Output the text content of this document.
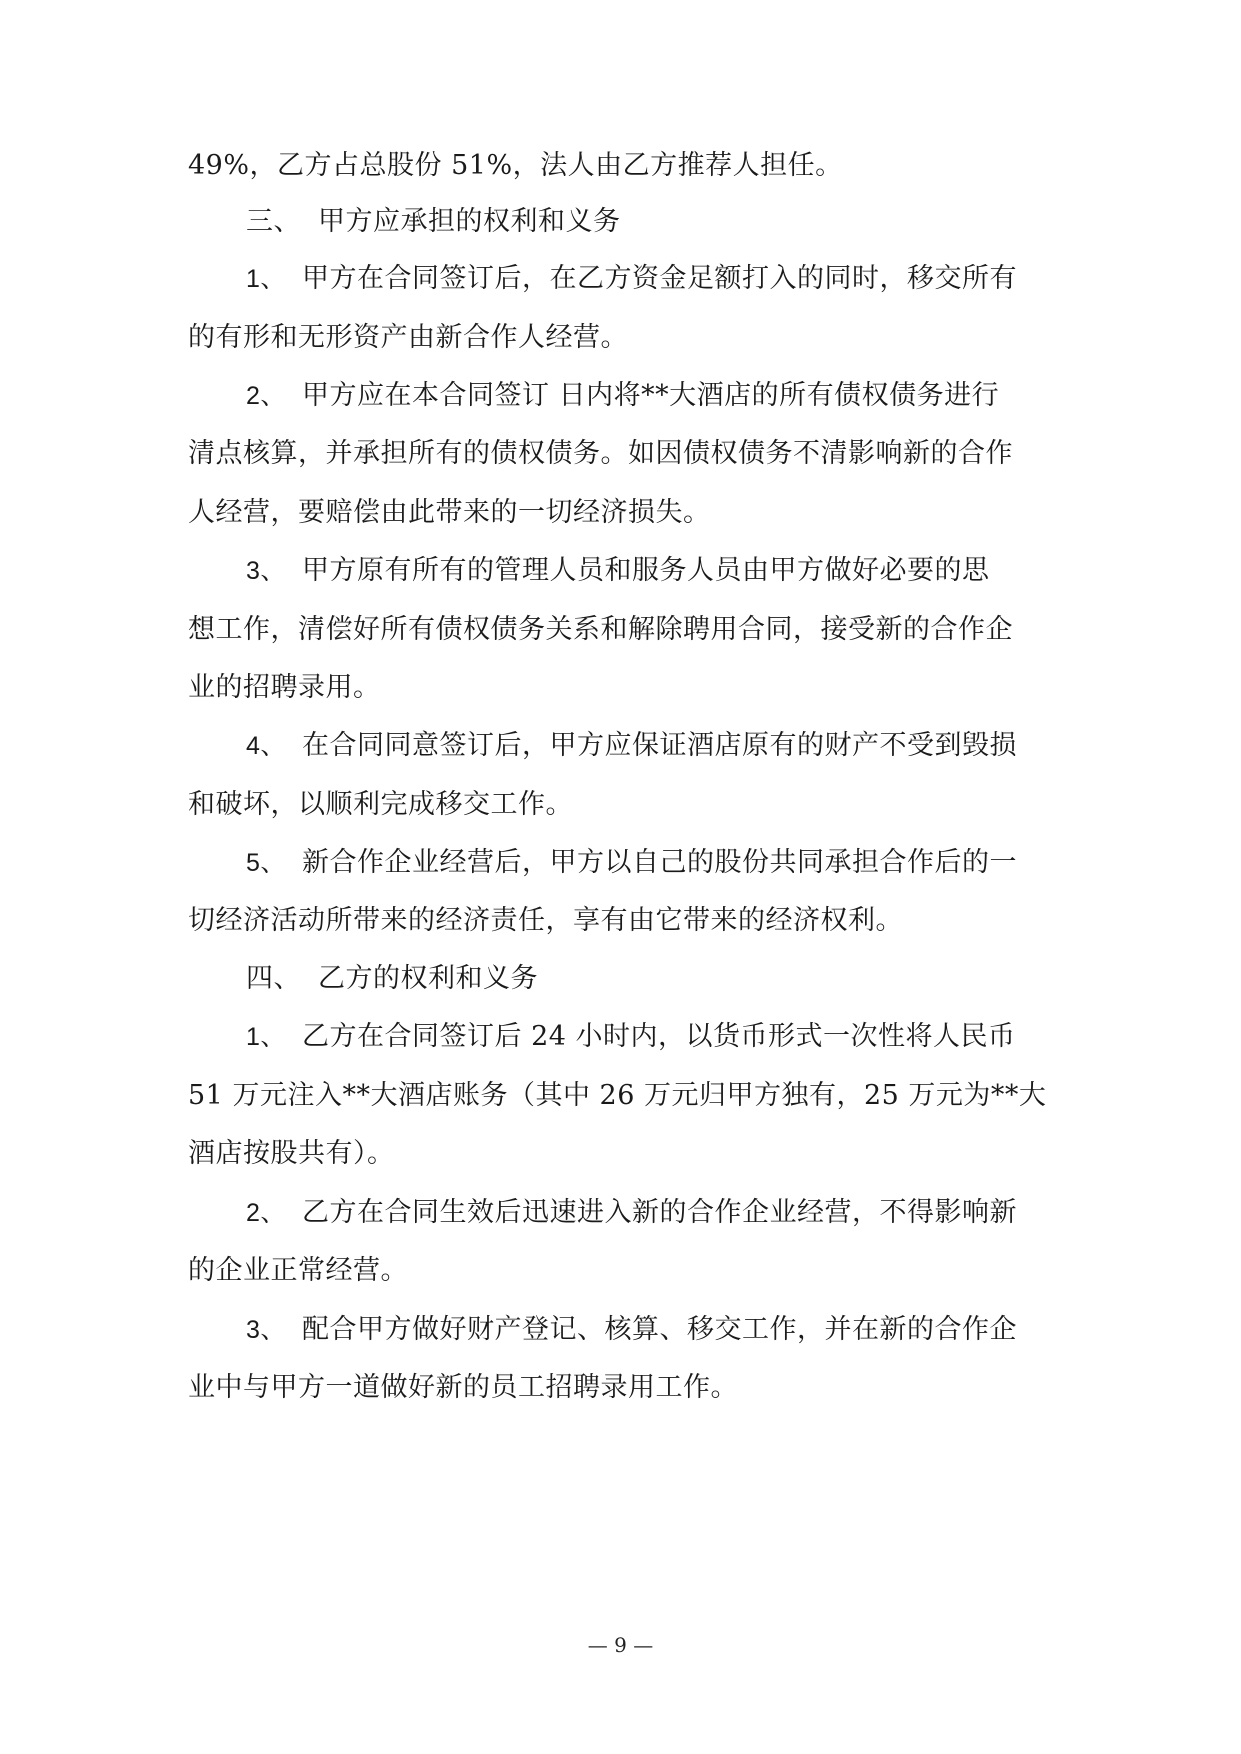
49%，乙方占总股份 51%，法人由乙方推荐人担任。
三、 甲方应承担的权利和义务
1、 甲方在合同签订后，在乙方资金足额打入的同时，移交所有
的有形和无形资产由新合作人经营。
2、 甲方应在本合同签订 日内将**大酒店的所有债权债务进行
清点核算，并承担所有的债权债务。如因债权债务不清影响新的合作
人经营，要赔偿由此带来的一切经济损失。
3、 甲方原有所有的管理人员和服务人员由甲方做好必要的思
想工作，清偿好所有债权债务关系和解除聘用合同，接受新的合作企
业的招聘录用。
4、 在合同同意签订后，甲方应保证酒店原有的财产不受到毁损
和破坏，以顺利完成移交工作。
5、 新合作企业经营后，甲方以自己的股份共同承担合作后的一
切经济活动所带来的经济责任，享有由它带来的经济权利。
四、 乙方的权利和义务
1、 乙方在合同签订后 24 小时内，以货币形式一次性将人民币
51 万元注入**大酒店账务（其中 26 万元归甲方独有，25 万元为**大
酒店按股共有）。
2、 乙方在合同生效后迅速进入新的合作企业经营，不得影响新
的企业正常经营。
3、 配合甲方做好财产登记、核算、移交工作，并在新的合作企
业中与甲方一道做好新的员工招聘录用工作。
— 9 —
